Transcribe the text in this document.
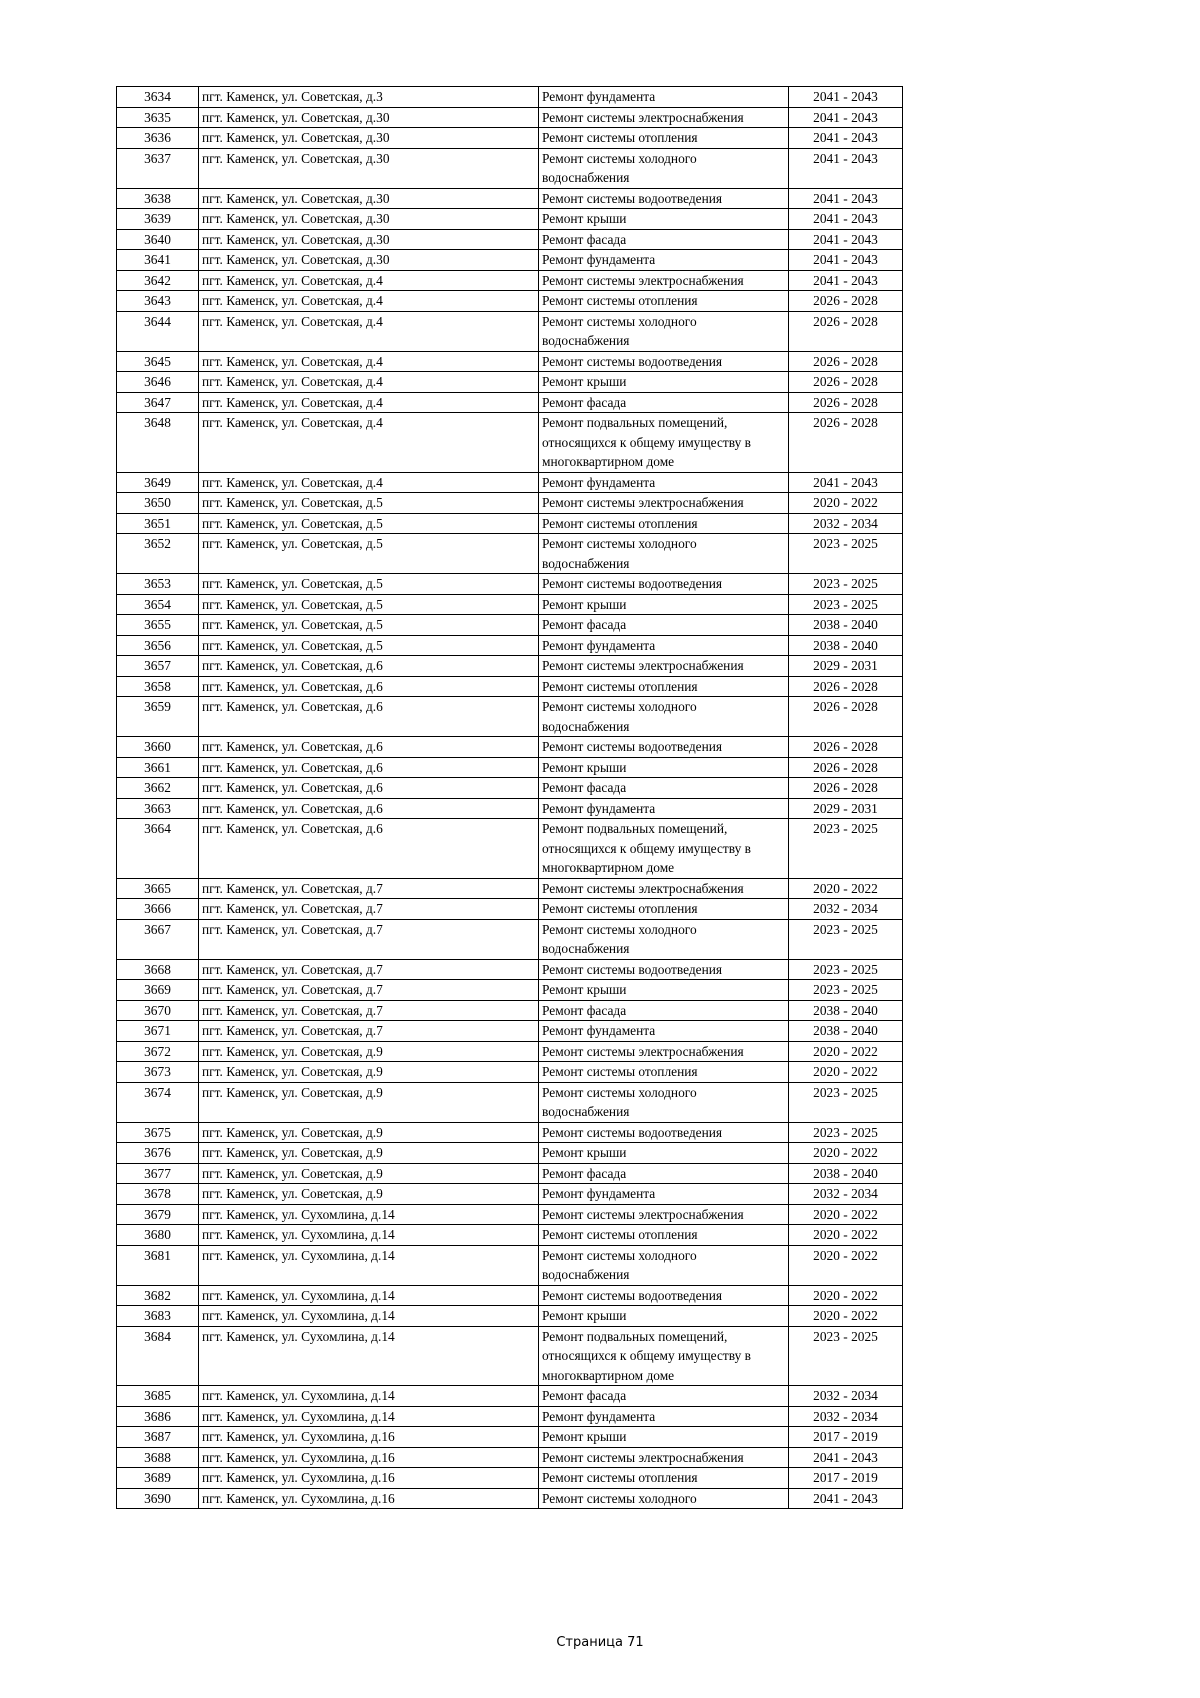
3634	пгт. Каменск, ул. Советская, д.3	Ремонт фундамента	2041 - 2043
3635	пгт. Каменск, ул. Советская, д.30	Ремонт системы электроснабжения	2041 - 2043
3636	пгт. Каменск, ул. Советская, д.30	Ремонт системы отопления	2041 - 2043
3637	пгт. Каменск, ул. Советская, д.30	Ремонт системы холодного
водоснабжения	2041 - 2043
3638	пгт. Каменск, ул. Советская, д.30	Ремонт системы водоотведения	2041 - 2043
3639	пгт. Каменск, ул. Советская, д.30	Ремонт крыши	2041 - 2043
3640	пгт. Каменск, ул. Советская, д.30	Ремонт фасада	2041 - 2043
3641	пгт. Каменск, ул. Советская, д.30	Ремонт фундамента	2041 - 2043
3642	пгт. Каменск, ул. Советская, д.4	Ремонт системы электроснабжения	2041 - 2043
3643	пгт. Каменск, ул. Советская, д.4	Ремонт системы отопления	2026 - 2028
3644	пгт. Каменск, ул. Советская, д.4	Ремонт системы холодного
водоснабжения	2026 - 2028
3645	пгт. Каменск, ул. Советская, д.4	Ремонт системы водоотведения	2026 - 2028
3646	пгт. Каменск, ул. Советская, д.4	Ремонт крыши	2026 - 2028
3647	пгт. Каменск, ул. Советская, д.4	Ремонт фасада	2026 - 2028
3648	пгт. Каменск, ул. Советская, д.4	Ремонт подвальных помещений,
относящихся к общему имуществу в
многоквартирном доме	2026 - 2028
3649	пгт. Каменск, ул. Советская, д.4	Ремонт фундамента	2041 - 2043
3650	пгт. Каменск, ул. Советская, д.5	Ремонт системы электроснабжения	2020 - 2022
3651	пгт. Каменск, ул. Советская, д.5	Ремонт системы отопления	2032 - 2034
3652	пгт. Каменск, ул. Советская, д.5	Ремонт системы холодного
водоснабжения	2023 - 2025
3653	пгт. Каменск, ул. Советская, д.5	Ремонт системы водоотведения	2023 - 2025
3654	пгт. Каменск, ул. Советская, д.5	Ремонт крыши	2023 - 2025
3655	пгт. Каменск, ул. Советская, д.5	Ремонт фасада	2038 - 2040
3656	пгт. Каменск, ул. Советская, д.5	Ремонт фундамента	2038 - 2040
3657	пгт. Каменск, ул. Советская, д.6	Ремонт системы электроснабжения	2029 - 2031
3658	пгт. Каменск, ул. Советская, д.6	Ремонт системы отопления	2026 - 2028
3659	пгт. Каменск, ул. Советская, д.6	Ремонт системы холодного
водоснабжения	2026 - 2028
3660	пгт. Каменск, ул. Советская, д.6	Ремонт системы водоотведения	2026 - 2028
3661	пгт. Каменск, ул. Советская, д.6	Ремонт крыши	2026 - 2028
3662	пгт. Каменск, ул. Советская, д.6	Ремонт фасада	2026 - 2028
3663	пгт. Каменск, ул. Советская, д.6	Ремонт фундамента	2029 - 2031
3664	пгт. Каменск, ул. Советская, д.6	Ремонт подвальных помещений,
относящихся к общему имуществу в
многоквартирном доме	2023 - 2025
3665	пгт. Каменск, ул. Советская, д.7	Ремонт системы электроснабжения	2020 - 2022
3666	пгт. Каменск, ул. Советская, д.7	Ремонт системы отопления	2032 - 2034
3667	пгт. Каменск, ул. Советская, д.7	Ремонт системы холодного
водоснабжения	2023 - 2025
3668	пгт. Каменск, ул. Советская, д.7	Ремонт системы водоотведения	2023 - 2025
3669	пгт. Каменск, ул. Советская, д.7	Ремонт крыши	2023 - 2025
3670	пгт. Каменск, ул. Советская, д.7	Ремонт фасада	2038 - 2040
3671	пгт. Каменск, ул. Советская, д.7	Ремонт фундамента	2038 - 2040
3672	пгт. Каменск, ул. Советская, д.9	Ремонт системы электроснабжения	2020 - 2022
3673	пгт. Каменск, ул. Советская, д.9	Ремонт системы отопления	2020 - 2022
3674	пгт. Каменск, ул. Советская, д.9	Ремонт системы холодного
водоснабжения	2023 - 2025
3675	пгт. Каменск, ул. Советская, д.9	Ремонт системы водоотведения	2023 - 2025
3676	пгт. Каменск, ул. Советская, д.9	Ремонт крыши	2020 - 2022
3677	пгт. Каменск, ул. Советская, д.9	Ремонт фасада	2038 - 2040
3678	пгт. Каменск, ул. Советская, д.9	Ремонт фундамента	2032 - 2034
3679	пгт. Каменск, ул. Сухомлина, д.14	Ремонт системы электроснабжения	2020 - 2022
3680	пгт. Каменск, ул. Сухомлина, д.14	Ремонт системы отопления	2020 - 2022
3681	пгт. Каменск, ул. Сухомлина, д.14	Ремонт системы холодного
водоснабжения	2020 - 2022
3682	пгт. Каменск, ул. Сухомлина, д.14	Ремонт системы водоотведения	2020 - 2022
3683	пгт. Каменск, ул. Сухомлина, д.14	Ремонт крыши	2020 - 2022
3684	пгт. Каменск, ул. Сухомлина, д.14	Ремонт подвальных помещений,
относящихся к общему имуществу в
многоквартирном доме	2023 - 2025
3685	пгт. Каменск, ул. Сухомлина, д.14	Ремонт фасада	2032 - 2034
3686	пгт. Каменск, ул. Сухомлина, д.14	Ремонт фундамента	2032 - 2034
3687	пгт. Каменск, ул. Сухомлина, д.16	Ремонт крыши	2017 - 2019
3688	пгт. Каменск, ул. Сухомлина, д.16	Ремонт системы электроснабжения	2041 - 2043
3689	пгт. Каменск, ул. Сухомлина, д.16	Ремонт системы отопления	2017 - 2019
3690	пгт. Каменск, ул. Сухомлина, д.16	Ремонт системы холодного	2041 - 2043
Страница 71
